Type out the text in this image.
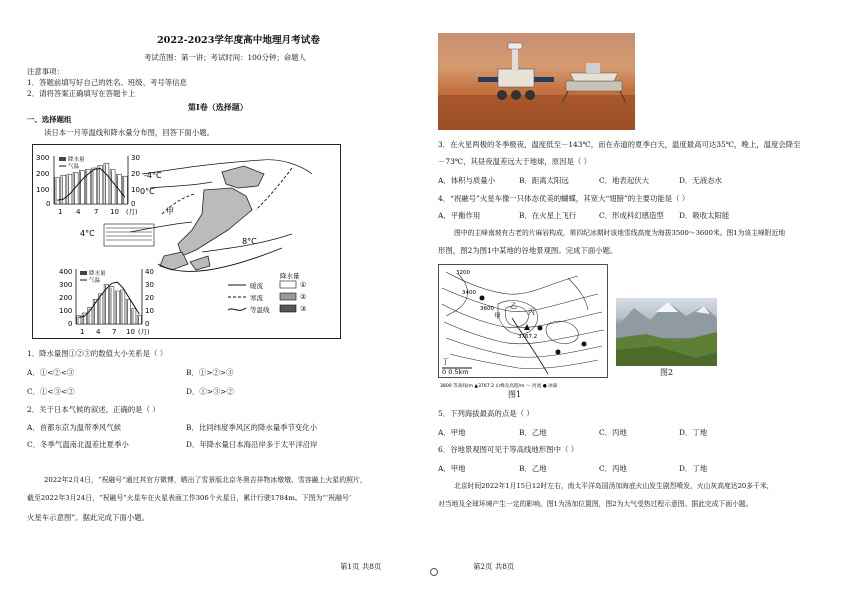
2022-2023学年度高中地理月考试卷
考试范围：第一讲；考试时间：100分钟；命题人
注意事项：
1．答题前填写好自己的姓名、班级、考号等信息
2．请将答案正确填写在答题卡上
第Ⅰ卷（选择题）
一、选择题组
读日本一月等温线和降水量分布图，回答下面小题。
降水量
气温
300
200
100
0
30
20
10
0
1 4 7 10 (月)
降水量
气温
400
300
200
100
0
40
30
20
10
0
1 4 7 10 (月)
-4°C
0°C
4°C
8°C
甲
降水量
暖流
寒流
等温线
①
②
③
1．降水量图①②③的数值大小关系是（ ）
A．①<②<③	B．①>②>③
C．①<③<②	D．①>③>②
2．关于日本气候的叙述，正确的是（ ）
A．首都东京为温带季风气候	B．比同纬度季风区的降水量季节变化小
C．冬季气温南北温差比夏季小	D．年降水量日本海沿岸多于太平洋沿岸
2022年2月4日，“祝融号”通过其官方微博，晒出了雪景版北京冬奥吉祥物冰墩墩、雪容融上火星的照片，
截至2022年3月24日，“祝融号”火星车在火星表面工作306个火星日，累计行驶1784m。下图为“‘祝融号’
火星车示意图”。据此完成下面小题。
第1页 共8页
3．在火星两极的冬季极夜，温度低至－143℃，而在赤道的夏季白天，温度最高可达35℃，晚上，温度会降至
－73℃，其昼夜温差远大于地球，原因是（ ）
A．体积与质量小	B．距离太阳远	C．地表起伏大	D．无液态水
4．“祝融号”火星车像一只体态优美的蝴蝶，其宽大“翅膀”的主要功能是（ ）
A．平衡作用	B．在火星上飞行	C．形成科幻感造型 D．吸收太阳能
图中的主峰南坡有古老的片麻岩构成，第四纪冰期时该地雪线高度为海拔3500～3600米。图1为该主峰附近地
形图，图2为图1中某地的谷地景观图。完成下面小题。
3200
3400
3600
3767.2
乙
丙
甲
丁
0 0.5km
3800 等高线/m ▲3767.2 山峰及高程/m ～ 河流 ● 冰碛
图1
图2
5．下列海拔最高的点是（ ）
A．甲地	B．乙地	C．丙地	D．丁地
6．谷地景观图可见于等高线地形图中（ ）
A．甲地	B．乙地	C．丙地	D．丁地
北京时间2022年1月15日12时左右，南太平洋岛国汤加海底火山发生剧烈喷发，火山灰高度达20多千米，
对当地及全球环境产生一定的影响。图1为汤加位置图，图2为大气受热过程示意图。据此完成下面小题。
第2页 共8页
